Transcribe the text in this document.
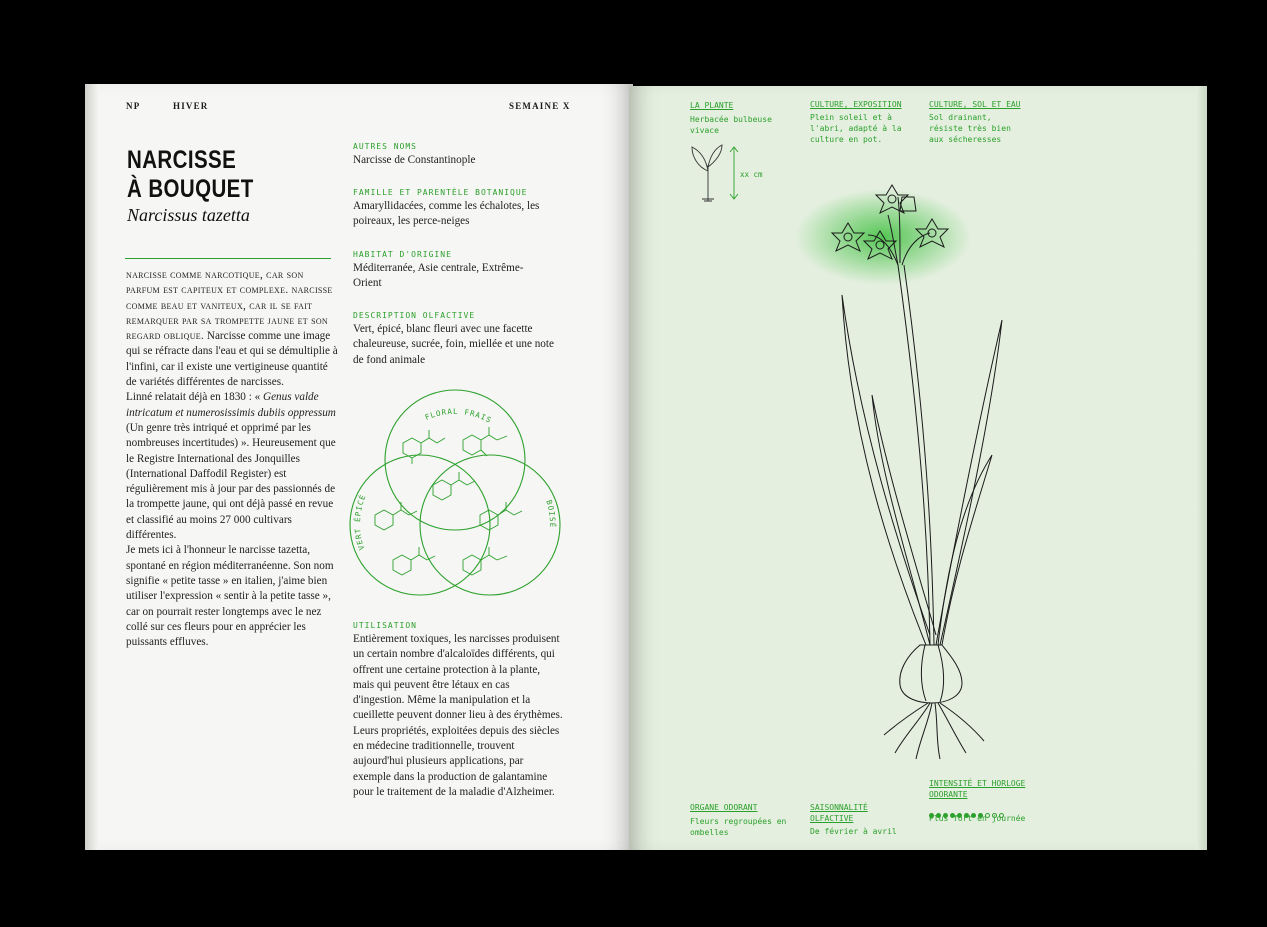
NP	HIVER	SEMAINE X
NARCISSE
À BOUQUET
Narcissus tazetta

narcisse comme narcotique, car son parfum est capiteux et complexe. narcisse comme beau et vaniteux, car il se fait remarquer par sa trompette jaune et son regard oblique. Narcisse comme une image qui se réfracte dans l'eau et qui se démultiplie à l'infini, car il existe une vertigineuse quantité de variétés différentes de narcisses.

Linné relatait déjà en 1830 : « Genus valde intricatum et numerosissimis dubiis oppressum (Un genre très intriqué et opprimé par les nombreuses incertitudes) ». Heureusement que le Registre International des Jonquilles (International Daffodil Register) est régulièrement mis à jour par des passionnés de la trompette jaune, qui ont déjà passé en revue et classifié au moins 27 000 cultivars différentes.

Je mets ici à l'honneur le narcisse tazetta, spontané en région méditerranéenne. Son nom signifie « petite tasse » en italien, j'aime bien utiliser l'expression « sentir à la petite tasse », car on pourrait rester longtemps avec le nez collé sur ces fleurs pour en apprécier les puissants effluves.

AUTRES NOMS
Narcisse de Constantinople
FAMILLE ET PARENTÈLE BOTANIQUE
Amaryllidacées, comme les échalotes, les poireaux, les perce-neiges
HABITAT D'ORIGINE
Méditerranée, Asie centrale, Extrême-Orient
DESCRIPTION OLFACTIVE
Vert, épicé, blanc fleuri avec une facette chaleureuse, sucrée, foin, miellée et une note de fond animale
FLORAL FRAIS
VERT ÉPICÉ
BOISÉ
UTILISATION
Entièrement toxiques, les narcisses produisent un certain nombre d'alcaloïdes différents, qui offrent une certaine protection à la plante, mais qui peuvent être létaux en cas d'ingestion. Même la manipulation et la cueillette peuvent donner lieu à des érythèmes. Leurs propriétés, exploitées depuis des siècles en médecine traditionnelle, trouvent aujourd'hui plusieurs applications, par exemple dans la production de galantamine pour le traitement de la maladie d'Alzheimer.
LA PLANTE
Herbacée bulbeuse vivace
CULTURE, EXPOSITION
Plein soleil et à l'abri, adapté à la culture en pot.
CULTURE, SOL ET EAU
Sol drainant, résiste très bien aux sécheresses
xx cm
ORGANE ODORANT
Fleurs regroupées en ombelles
SAISONNALITÉ OLFACTIVE
De février à avril
INTENSITÉ ET HORLOGE ODORANTE
Plus fort en journée
